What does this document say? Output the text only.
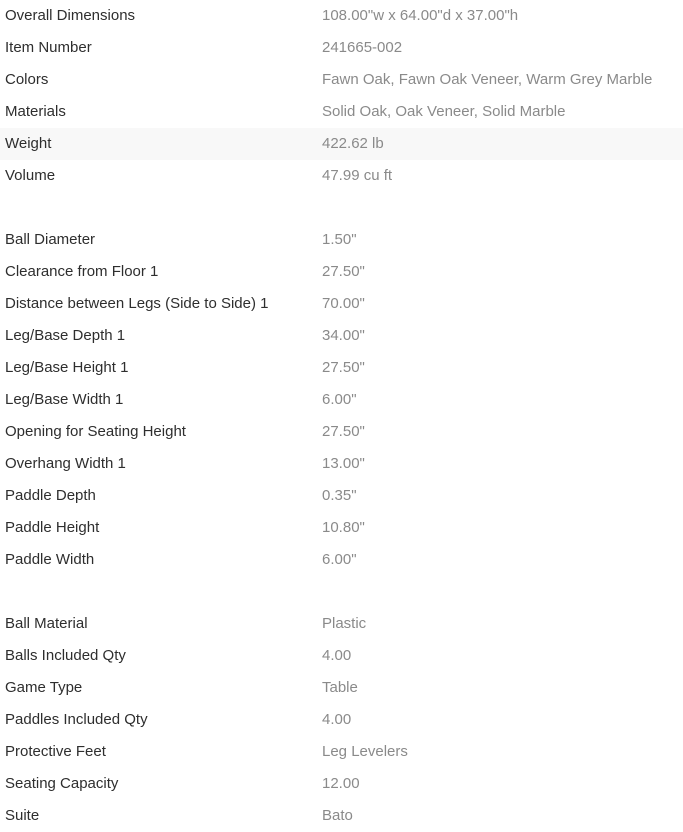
Overall Dimensions	108.00"w x 64.00"d x 37.00"h
Item Number	241665-002
Colors	Fawn Oak, Fawn Oak Veneer, Warm Grey Marble
Materials	Solid Oak, Oak Veneer, Solid Marble
Weight	422.62 lb
Volume	47.99 cu ft
Ball Diameter	1.50"
Clearance from Floor 1	27.50"
Distance between Legs (Side to Side) 1	70.00"
Leg/Base Depth 1	34.00"
Leg/Base Height 1	27.50"
Leg/Base Width 1	6.00"
Opening for Seating Height	27.50"
Overhang Width 1	13.00"
Paddle Depth	0.35"
Paddle Height	10.80"
Paddle Width	6.00"
Ball Material	Plastic
Balls Included Qty	4.00
Game Type	Table
Paddles Included Qty	4.00
Protective Feet	Leg Levelers
Seating Capacity	12.00
Suite	Bato
